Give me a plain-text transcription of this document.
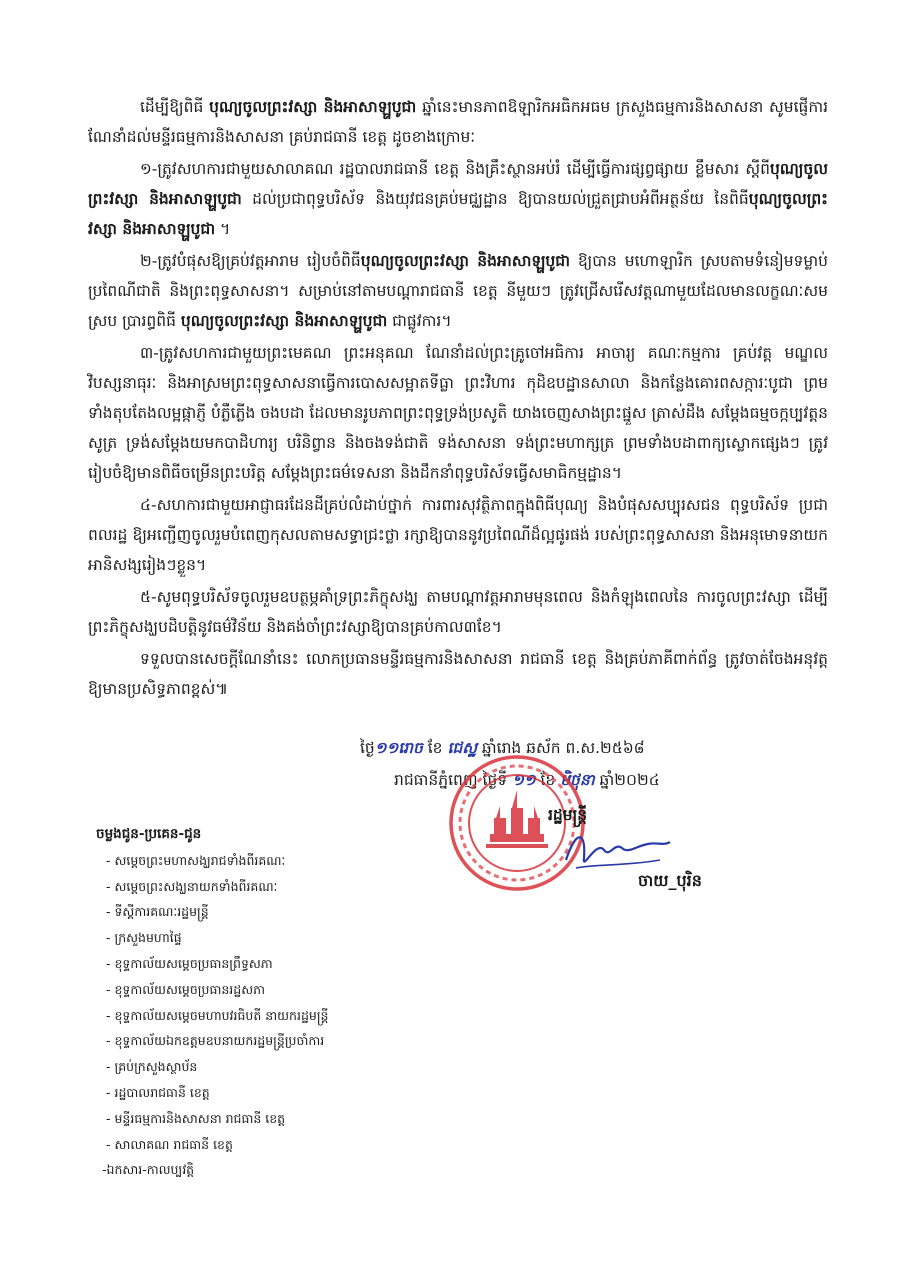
ដើម្បីឱ្យពិធី បុណ្យចូលព្រះវស្សា និងអាសាឡ្ហបូជា ឆ្នាំនេះមានភាពឱឡារិកអធិកអធម ក្រសួងធម្មការនិងសាសនា សូមផ្ញើការណែនាំដល់មន្ទីរធម្មការនិងសាសនា គ្រប់រាជធានី ខេត្ត ដូចខាងក្រោមៈ

១-ត្រូវសហការជាមួយសាលាគណ រដ្ឋបាលរាជធានី ខេត្ត និងគ្រឹះស្ថានអប់រំ ដើម្បីធ្វើការផ្សព្វផ្សាយ ខ្លឹមសារ ស្តីពីបុណ្យចូលព្រះវស្សា និងអាសាឡ្ហបូជា ដល់ប្រជាពុទ្ធបរិស័ទ និងយុវជនគ្រប់មជ្ឈដ្ឋាន ឱ្យបានយល់ជ្រួតជ្រាបអំពីអត្ថន័យ នៃពិធីបុណ្យចូលព្រះវស្សា និងអាសាឡ្ហបូជា ។

២-ត្រូវបំផុសឱ្យគ្រប់វត្តអារាម រៀបចំពិធីបុណ្យចូលព្រះវស្សា និងអាសាឡ្ហបូជា ឱ្យបាន មហោឡារិក ស្របតាមទំនៀមទម្លាប់ ប្រពៃណីជាតិ និងព្រះពុទ្ធសាសនា។ សម្រាប់នៅតាមបណ្តារាជធានី ខេត្ត នីមួយៗ ត្រូវជ្រើសរើសវត្តណាមួយដែលមានលក្ខណៈសមស្រប ប្រារព្ធពិធី បុណ្យចូលព្រះវស្សា និងអាសាឡ្ហបូជា ជាផ្លូវការ។

៣-ត្រូវសហការជាមួយព្រះមេគណ ព្រះអនុគណ ណែនាំដល់ព្រះគ្រូចៅអធិការ អាចារ្យ គណៈកម្មការ គ្រប់វត្ត មណ្ឌលវិបស្សនាធុរៈ និងអាស្រមព្រះពុទ្ធសាសនាធ្វើការបោសសម្អាតទីធ្លា ព្រះវិហារ កុដិឧបដ្ឋានសាលា និងកន្លែងគោរពសក្ការៈបូជា ព្រមទាំងតុបតែងលម្អផ្កាភ្ញី បំភ្លឺភ្លើង ចងបដា ដែលមានរូបភាពព្រះពុទ្ធទ្រង់ប្រសូតិ យាងចេញសាងព្រះផ្នួស ត្រាស់ដឹង សម្តែងធម្មចក្កប្បវត្តនសូត្រ ទ្រង់សម្តែងយមកបាដិហារ្យ បរិនិព្វាន និងចងទង់ជាតិ ទង់សាសនា ទង់ព្រះមហាក្សត្រ ព្រមទាំងបដាពាក្យស្លោកផ្សេងៗ ត្រូវរៀបចំឱ្យមានពិធីចម្រើនព្រះបរិត្ត សម្តែងព្រះធម៌ទេសនា និងដឹកនាំពុទ្ធបរិស័ទធ្វើសមាធិកម្មដ្ឋាន។

៤-សហការជាមួយអាជ្ញាធរដែនដីគ្រប់លំដាប់ថ្នាក់ ការពារសុវត្ថិភាពក្នុងពិធីបុណ្យ និងបំផុសសប្បុរសជន ពុទ្ធបរិស័ទ ប្រជាពលរដ្ឋ ឱ្យអញ្ជើញចូលរួមបំពេញកុសលតាមសទ្ធាជ្រះថ្លា រក្សាឱ្យបាននូវប្រពៃណីដ៏ល្អផូរផង់ របស់ព្រះពុទ្ធសាសនា និងអនុមោទនាយកអានិសង្សរៀងៗខ្លួន។

៥-សូមពុទ្ធបរិស័ទចូលរួមឧបត្ថម្ភគាំទ្រព្រះភិក្ខុសង្ឃ តាមបណ្តាវត្តអារាមមុនពេល និងកំឡុងពេលនៃ ការចូលព្រះវស្សា ដើម្បីព្រះភិក្ខុសង្ឃបដិបត្តិនូវធម៌វិន័យ និងគង់ចាំព្រះវស្សាឱ្យបានគ្រប់កាល៣ខែ។

ទទួលបានសេចក្តីណែនាំនេះ លោកប្រធានមន្ទីរធម្មការនិងសាសនា រាជធានី ខេត្ត និងគ្រប់ភាគីពាក់ព័ន្ធ ត្រូវចាត់ចែងអនុវត្តឱ្យមានប្រសិទ្ធភាពខ្ពស់៕

ថ្ងៃ១១រោច ខែ ជេស្ឋ ឆ្នាំរោង ឆស័ក ព.ស.២៥៦៨
រាជធានីភ្នំពេញ ថ្ងៃទី ១១ ខែ មិថុនា ឆ្នាំ២០២៤
រដ្ឋមន្ត្រី
ចាយ_បុរិន
ចម្លងជូន-ប្រគេន-ជូន
- សម្តេចព្រះមហាសង្ឃរាជទាំងពីរគណៈ
- សម្តេចព្រះសង្ឃនាយកទាំងពីរគណៈ
- ទីស្តីការគណៈរដ្ឋមន្ត្រី
- ក្រសួងមហាផ្ទៃ
- ខុទ្ទកាល័យសម្តេចប្រធានព្រឹទ្ធសភា
- ខុទ្ទកាល័យសម្តេចប្រធានរដ្ឋសភា
- ខុទ្ទកាល័យសម្តេចមហាបវរធិបតី នាយករដ្ឋមន្ត្រី
- ខុទ្ទកាល័យឯកឧត្តមឧបនាយករដ្ឋមន្ត្រីប្រចាំការ
- គ្រប់ក្រសួងស្ថាប័ន
- រដ្ឋបាលរាជធានី ខេត្ត
- មន្ទីរធម្មការនិងសាសនា រាជធានី ខេត្ត
- សាលាគណ រាជធានី ខេត្ត
-ឯកសារ-កាលប្បវត្តិ
